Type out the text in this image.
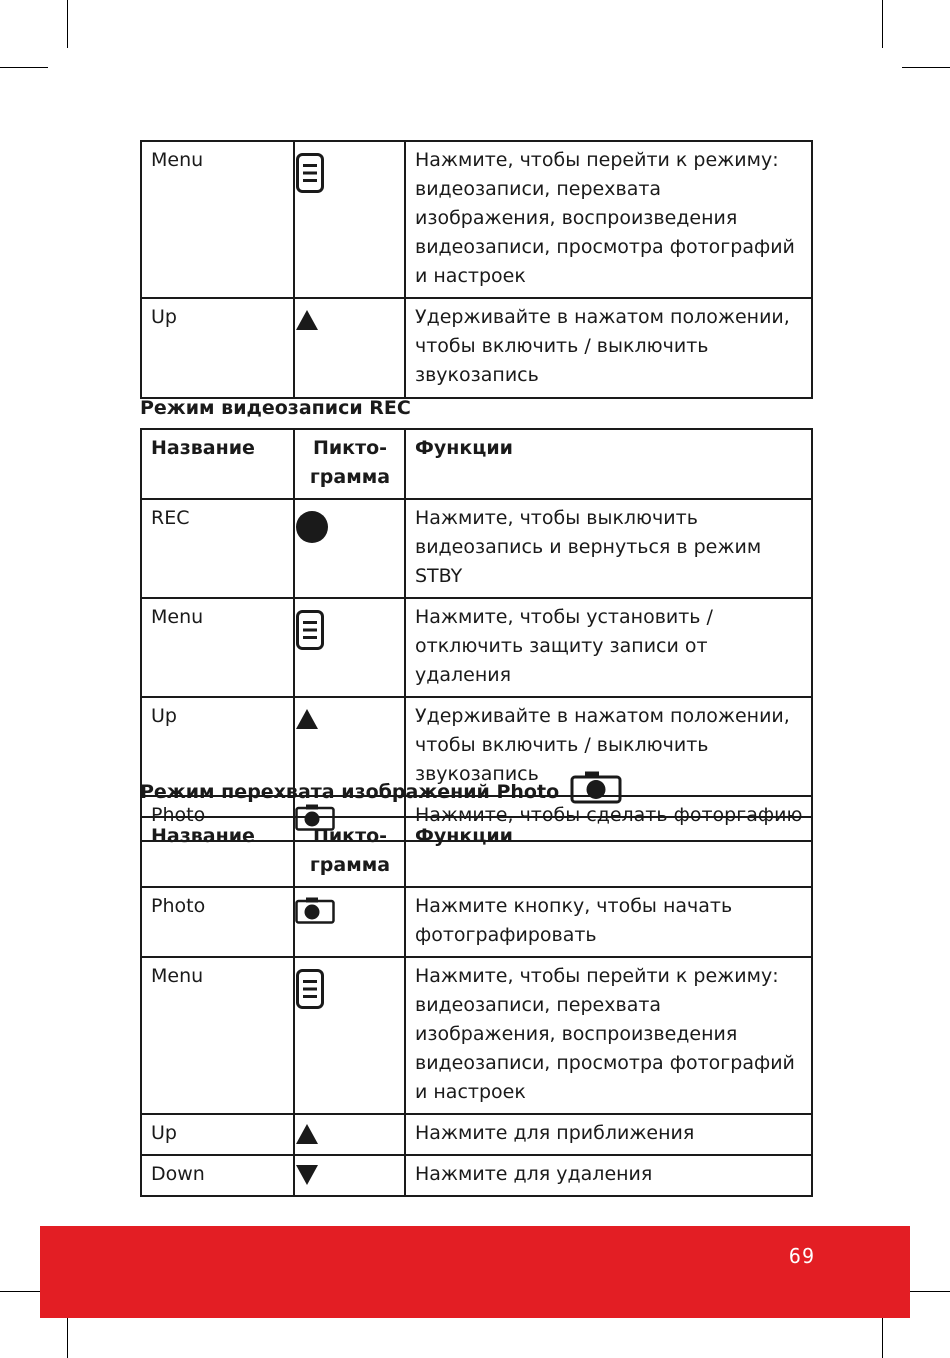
Menu		Нажмите, чтобы перейти к режиму: видеозаписи, перехвата изображения, воспроизведения видеозаписи, просмотра фотографий и настроек
Up		Удерживайте в нажатом положении, чтобы включить / выключить звукозапись
Режим видеозаписи REC
Название	Пикто-грамма	Функции
REC		Нажмите, чтобы выключить видеозапись и вернуться в режим STBY
Menu		Нажмите, чтобы установить / отключить защиту записи от удаления
Up		Удерживайте в нажатом положении, чтобы включить / выключить звукозапись
Photo		Нажмите, чтобы сделать фоторгафию
Режим перехвата изображений Photo
Название	Пикто-грамма	Функции
Photo		Нажмите кнопку, чтобы начать фотографировать
Menu		Нажмите, чтобы перейти к режиму: видеозаписи, перехвата изображения, воспроизведения видеозаписи, просмотра фотографий и настроек
Up		Нажмите для приближения
Down		Нажмите для удаления
69
